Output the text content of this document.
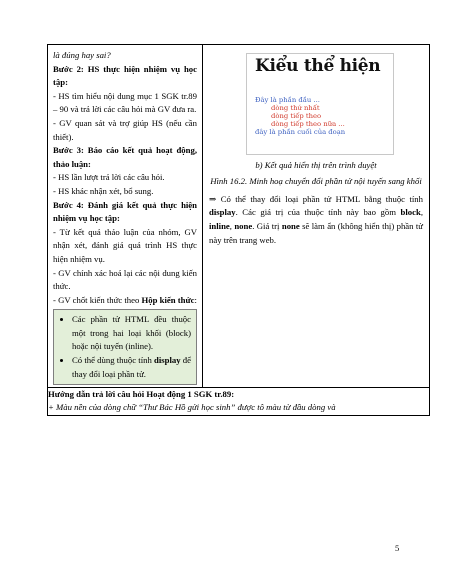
là đúng hay sai?

Bước 2: HS thực hiện nhiệm vụ học tập:

- HS tìm hiểu nội dung mục 1 SGK tr.89 – 90 và trả lời các câu hỏi mà GV đưa ra.

- GV quan sát và trợ giúp HS (nếu cần thiết).

Bước 3: Báo cáo kết quả hoạt động, thảo luận:

- HS lần lượt trả lời các câu hỏi.

- HS khác nhận xét, bổ sung.

Bước 4: Đánh giá kết quả thực hiện nhiệm vụ học tập:

- Từ kết quả thảo luận của nhóm, GV nhận xét, đánh giá quá trình HS thực hiện nhiệm vụ.

- GV chính xác hoá lại các nội dung kiến thức.

- GV chốt kiến thức theo Hộp kiến thức:

• Các phần tử HTML đều thuộc một trong hai loại khối (block) hoặc nội tuyến (inline).
• Có thể dùng thuộc tính display để thay đổi loại phần tử.

Kiểu thể hiện
Đây là phần đầu ...
dòng thứ nhất
dòng tiếp theo
dòng tiếp theo nữa ...
đây là phần cuối của đoạn
b) Kết quả hiển thị trên trình duyệt
Hình 16.2. Minh hoạ chuyển đổi phần tử nội tuyến sang khối
⇒ Có thể thay đổi loại phần tử HTML bằng thuộc tính display. Các giá trị của thuộc tính này bao gồm block, inline, none. Giá trị none sẽ làm ẩn (không hiển thị) phần tử này trên trang web.

Hướng dẫn trả lời câu hỏi Hoạt động 1 SGK tr.89:
+ Màu nền của dòng chữ “Thư Bác Hồ gửi học sinh” được tô màu từ đầu dòng và
5
